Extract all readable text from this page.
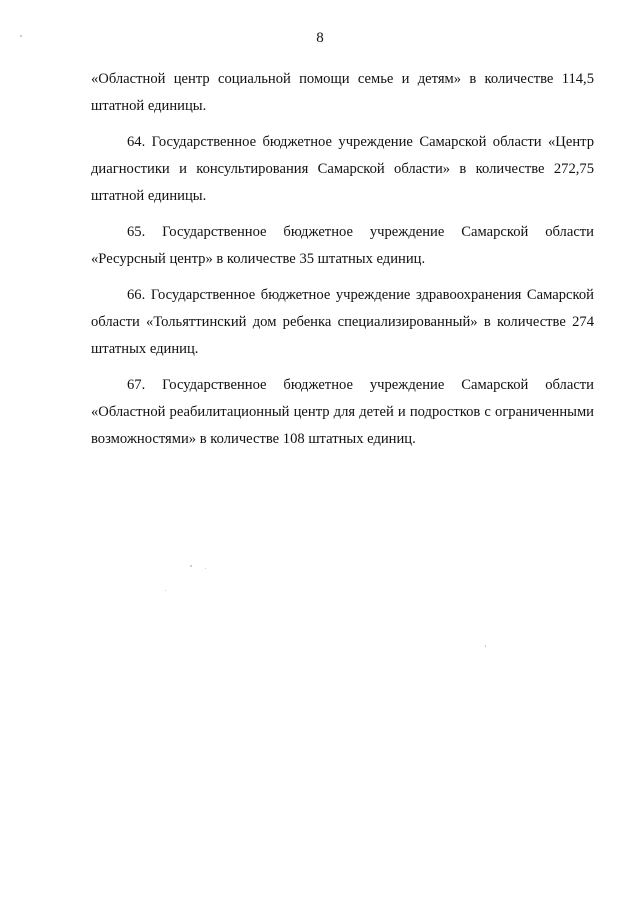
8

«Областной центр социальной помощи семье и детям» в количестве 114,5 штатной единицы.

64. Государственное бюджетное учреждение Самарской области «Центр диагностики и консультирования Самарской области» в количестве 272,75 штатной единицы.

65. Государственное бюджетное учреждение Самарской области «Ресурсный центр» в количестве 35 штатных единиц.

66. Государственное бюджетное учреждение здравоохранения Самарской области «Тольяттинский дом ребенка специализированный» в количестве 274 штатных единиц.

67. Государственное бюджетное учреждение Самарской области «Областной реабилитационный центр для детей и подростков с ограниченными возможностями» в количестве 108 штатных единиц.
